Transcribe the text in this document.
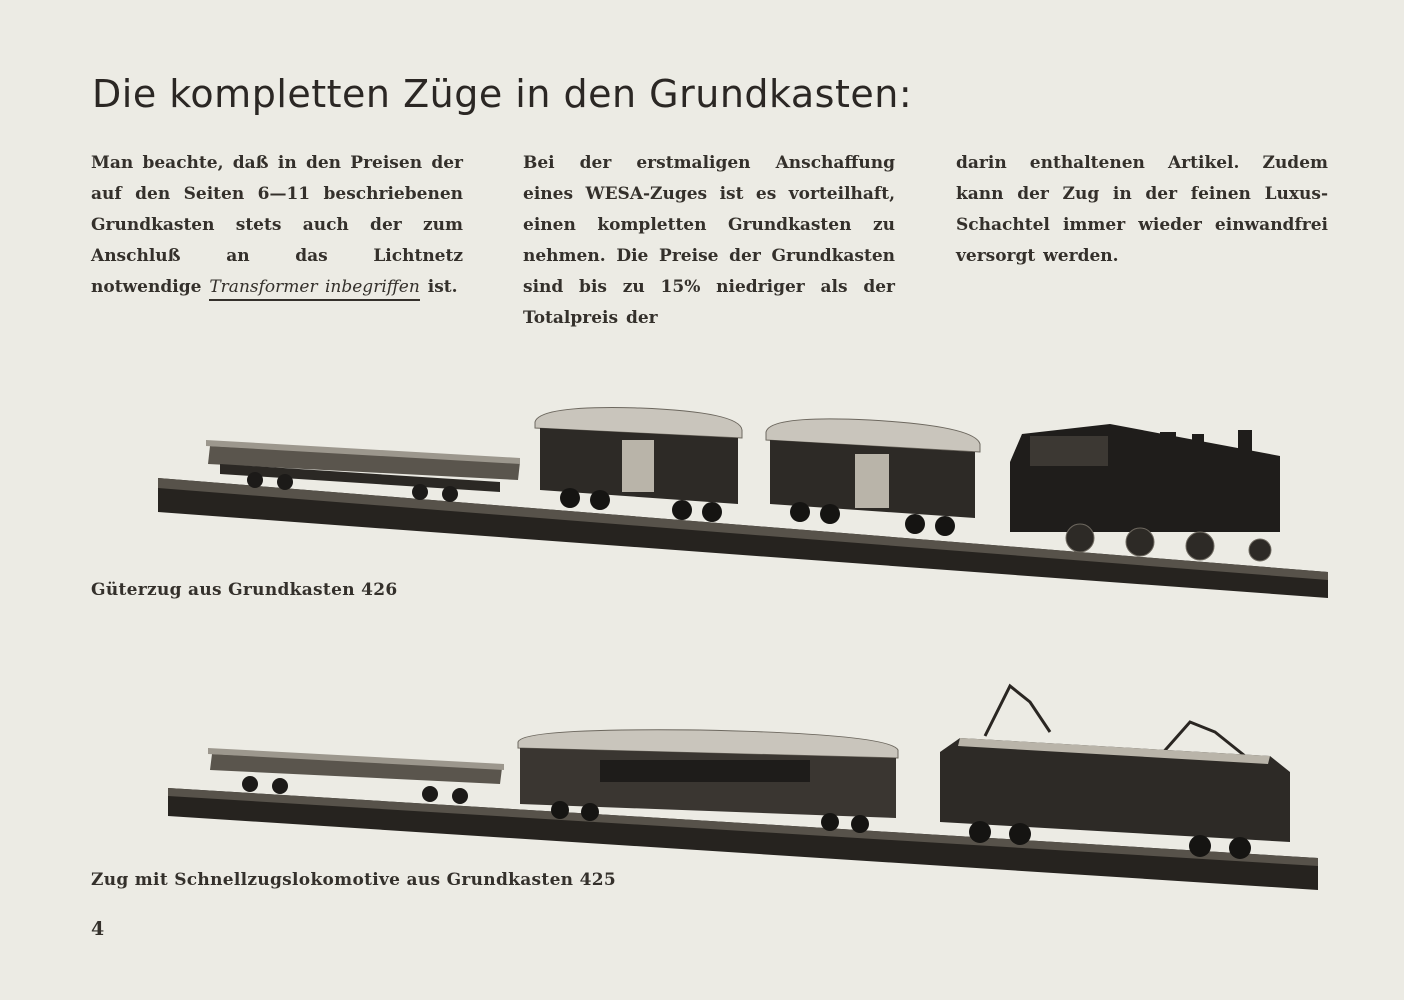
Die kompletten Züge in den Grundkasten:

Man beachte, daß in den Preisen der auf den Seiten 6—11 beschriebenen Grundkasten stets auch der zum Anschluß an das Lichtnetz notwendige Transformer inbegriffen ist.

Bei der erstmaligen Anschaffung eines WESA-Zuges ist es vorteilhaft, einen kompletten Grundkasten zu nehmen. Die Preise der Grundkasten sind bis zu 15% niedriger als der Totalpreis der

darin enthaltenen Artikel. Zudem kann der Zug in der feinen Luxus-Schachtel immer wieder einwandfrei versorgt werden.

Güterzug aus Grundkasten 426
Zug mit Schnellzugslokomotive aus Grundkasten 425
4
